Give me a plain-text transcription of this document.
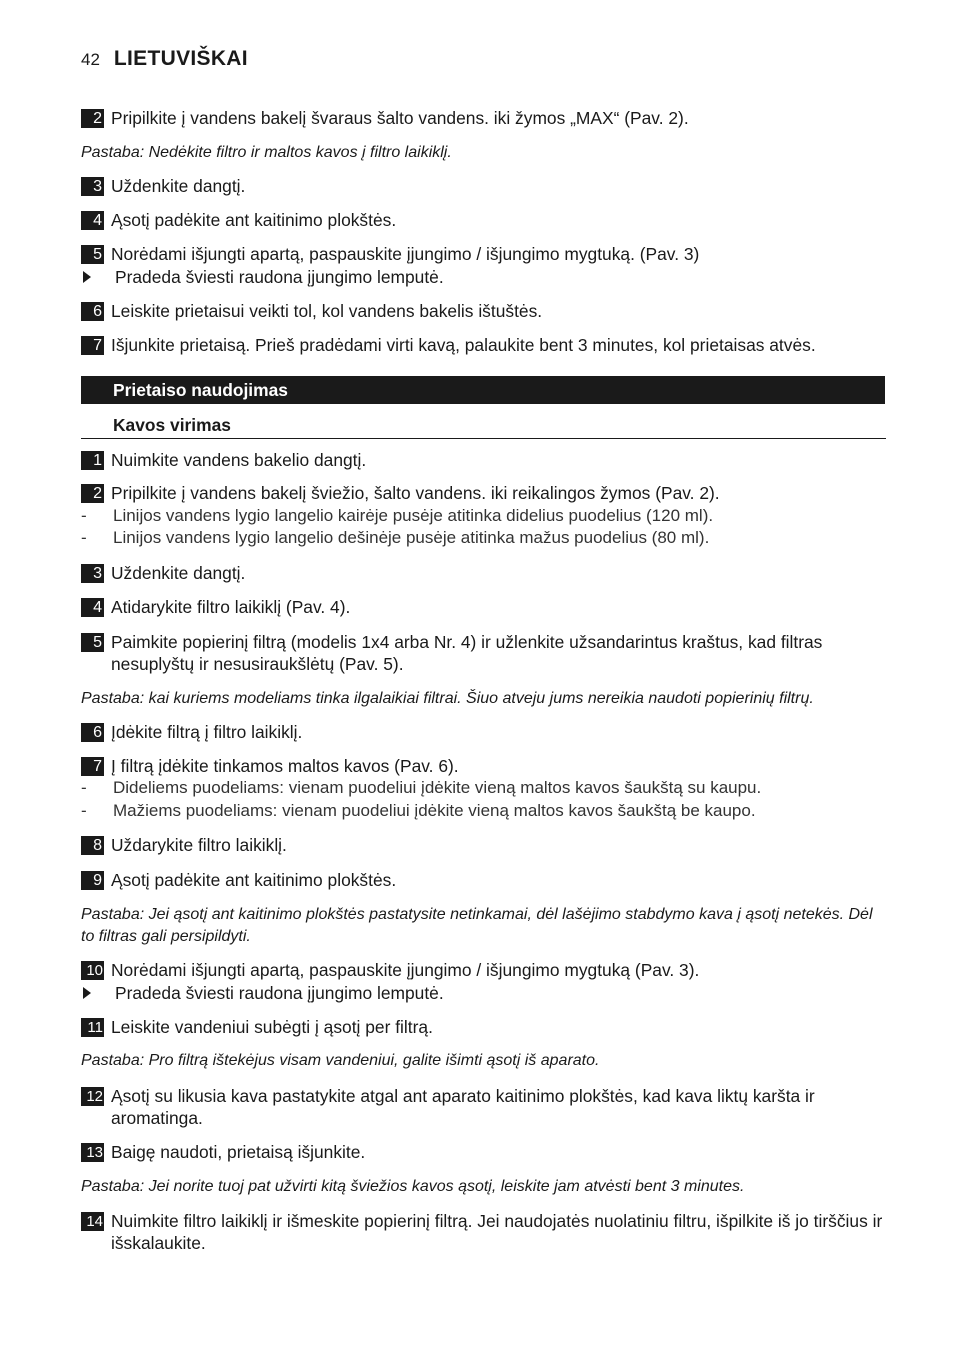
42 LIETUVIŠKAI
2 Pripilkite į vandens bakelį švaraus šalto vandens. iki žymos „MAX“ (Pav. 2).
Pastaba: Nedėkite filtro ir maltos kavos į filtro laikiklį.
3 Uždenkite dangtį.
4 Ąsotį padėkite ant kaitinimo plokštės.
5 Norėdami išjungti apartą, paspauskite įjungimo / išjungimo mygtuką. (Pav. 3)
Pradeda šviesti raudona įjungimo lemputė.
6 Leiskite prietaisui veikti tol, kol vandens bakelis ištuštės.
7 Išjunkite prietaisą. Prieš pradėdami virti kavą, palaukite bent 3 minutes, kol prietaisas atvės.
Prietaiso naudojimas
Kavos virimas
1 Nuimkite vandens bakelio dangtį.
2 Pripilkite į vandens bakelį šviežio, šalto vandens. iki reikalingos žymos (Pav. 2).
-	Linijos vandens lygio langelio kairėje pusėje atitinka didelius puodelius (120 ml).
-	Linijos vandens lygio langelio dešinėje pusėje atitinka mažus puodelius (80 ml).
3 Uždenkite dangtį.
4 Atidarykite filtro laikiklį (Pav. 4).
5 Paimkite popierinį filtrą (modelis 1x4 arba Nr. 4) ir užlenkite užsandarintus kraštus, kad filtras nesuplyštų ir nesusiraukšlėtų (Pav. 5).
Pastaba: kai kuriems modeliams tinka ilgalaikiai filtrai. Šiuo atveju jums nereikia naudoti popierinių filtrų.
6 Įdėkite filtrą į filtro laikiklį.
7 Į filtrą įdėkite tinkamos maltos kavos (Pav. 6).
-	Dideliems puodeliams: vienam puodeliui įdėkite vieną maltos kavos šaukštą su kaupu.
-	Mažiems puodeliams: vienam puodeliui įdėkite vieną maltos kavos šaukštą be kaupo.
8 Uždarykite filtro laikiklį.
9 Ąsotį padėkite ant kaitinimo plokštės.
Pastaba: Jei ąsotį ant kaitinimo plokštės pastatysite netinkamai, dėl lašėjimo stabdymo kava į ąsotį netekės. Dėl to filtras gali persipildyti.
10 Norėdami išjungti apartą, paspauskite įjungimo / išjungimo mygtuką (Pav. 3).
Pradeda šviesti raudona įjungimo lemputė.
11 Leiskite vandeniui subėgti į ąsotį per filtrą.
Pastaba: Pro filtrą ištekėjus visam vandeniui, galite išimti ąsotį iš aparato.
12 Ąsotį su likusia kava pastatykite atgal ant aparato kaitinimo plokštės, kad kava liktų karšta ir aromatinga.
13 Baigę naudoti, prietaisą išjunkite.
Pastaba: Jei norite tuoj pat užvirti kitą šviežios kavos ąsotį, leiskite jam atvėsti bent 3 minutes.
14 Nuimkite filtro laikiklį ir išmeskite popierinį filtrą. Jei naudojatės nuolatiniu filtru, išpilkite iš jo tirščius ir išskalaukite.
